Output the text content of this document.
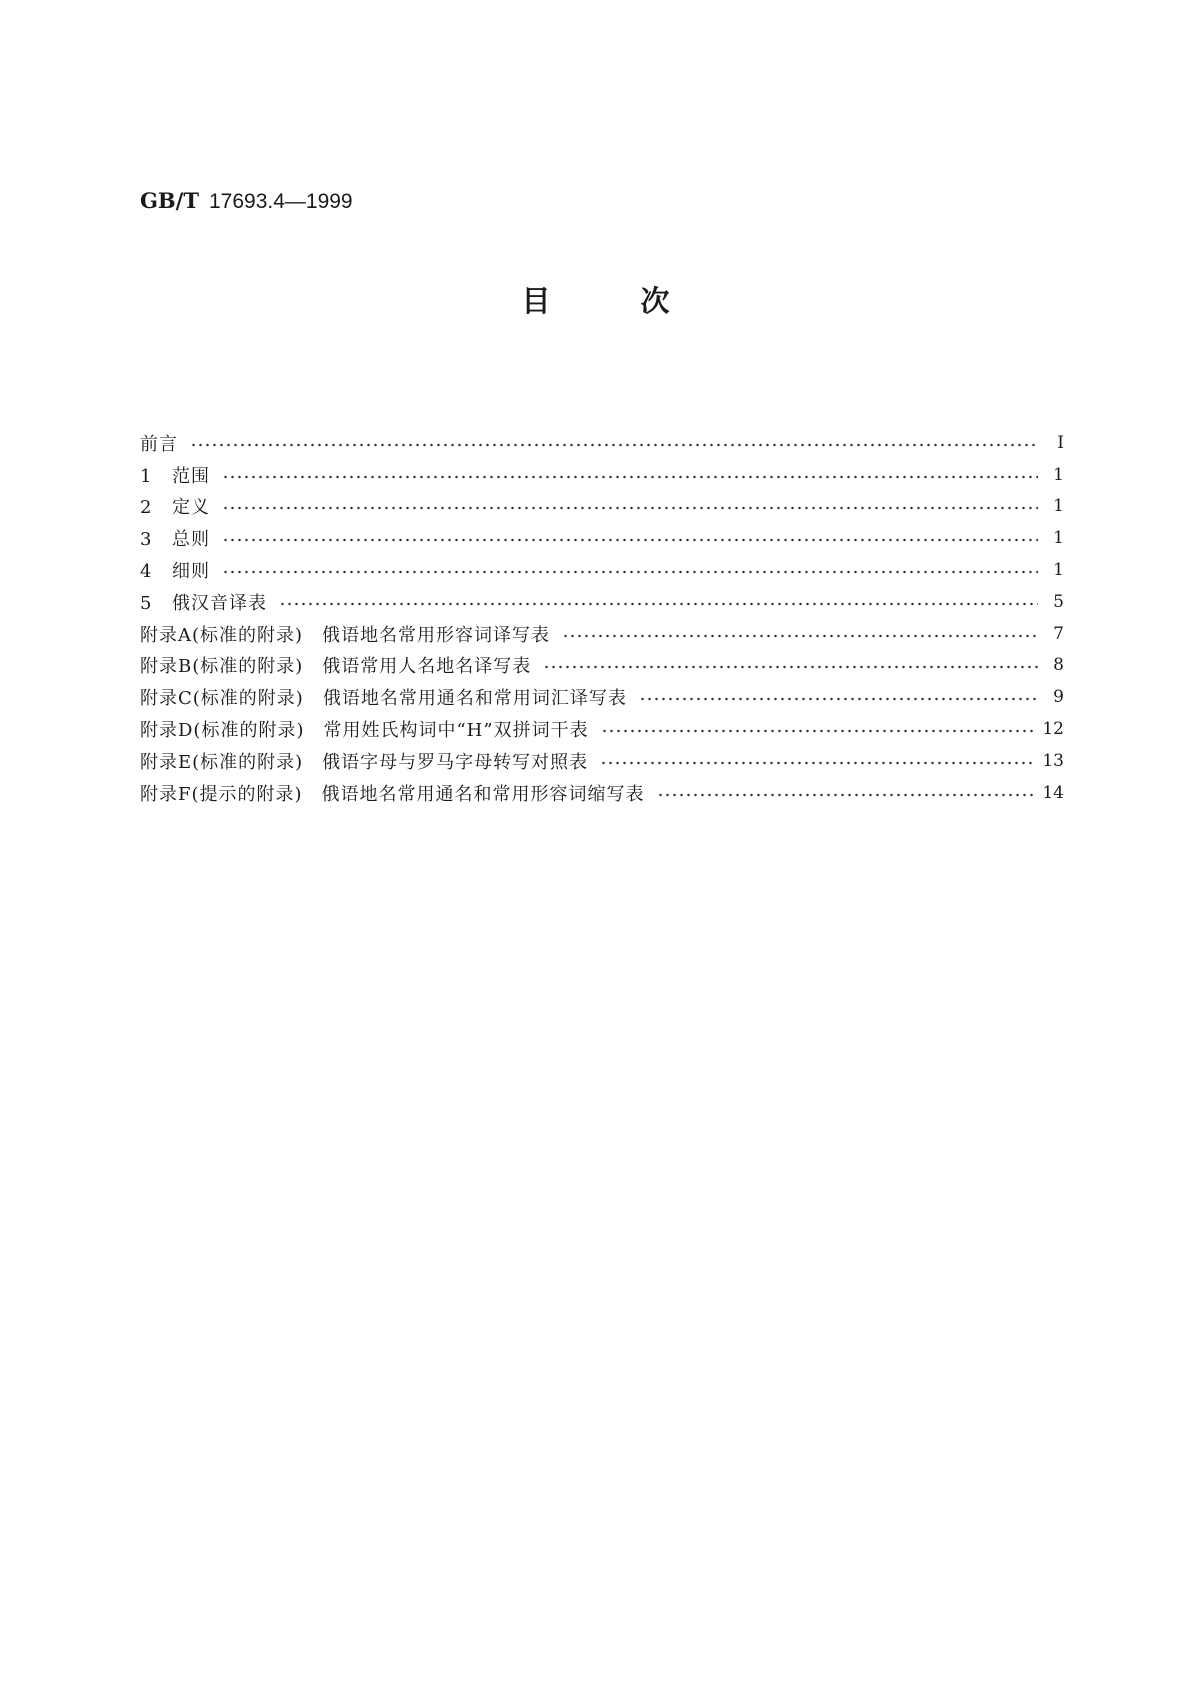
GB/T 17693.4—1999
目次
前言	Ⅰ
1 范围	1
2 定义	1
3 总则	1
4 细则	1
5 俄汉音译表	5
附录A(标准的附录)　俄语地名常用形容词译写表	7
附录B(标准的附录)　俄语常用人名地名译写表	8
附录C(标准的附录)　俄语地名常用通名和常用词汇译写表	9
附录D(标准的附录)　常用姓氏构词中“Н”双拼词干表	12
附录E(标准的附录)　俄语字母与罗马字母转写对照表	13
附录F(提示的附录)　俄语地名常用通名和常用形容词缩写表	14
